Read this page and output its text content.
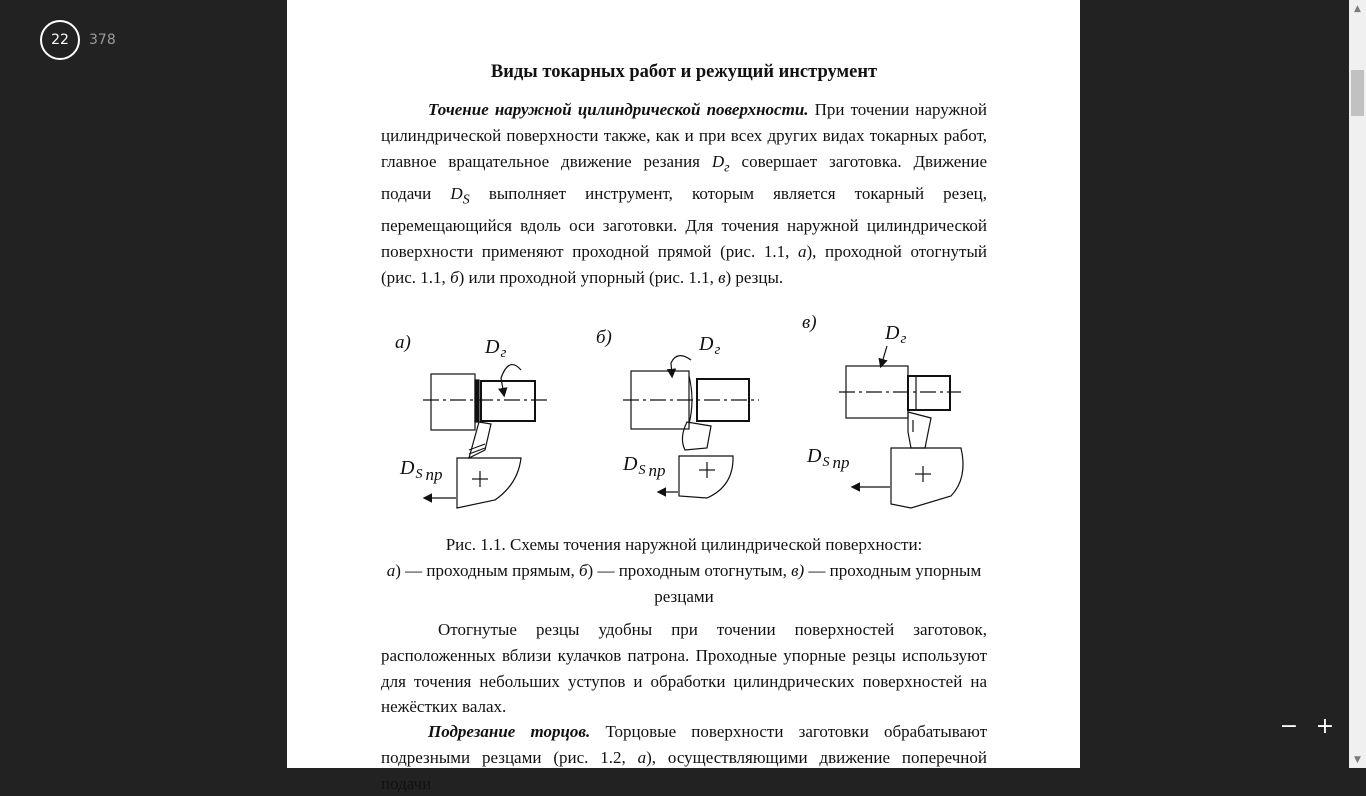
22	378
Виды токарных работ и режущий инструмент

Точение наружной цилиндрической поверхности. При точении наружной цилиндрической поверхности также, как и при всех других видах токарных работ, главное вращательное движение резания $D_г$ совершает заготовка. Движение подачи $D_S$ выполняет инструмент, которым является токарный резец, перемещающийся вдоль оси заготовки. Для точения наружной цилиндрической поверхности применяют проходной прямой (рис. 1.1, а), проходной отогнутый (рис. 1.1, б) или проходной упорный (рис. 1.1, в) резцы.

а)	$D_г$
$D_S$ пр
б)	$D_г$
$D_S$ пр
в)	$D_г$
$D_S$ пр

Рис. 1.1. Схемы точения наружной цилиндрической поверхности:
а) — проходным прямым, б) — проходным отогнутым, в) — проходным упорным резцами

Отогнутые резцы удобны при точении поверхностей заготовок, расположенных вблизи кулачков патрона. Проходные упорные резцы используют для точения небольших уступов и обработки цилиндрических поверхностей на нежёстких валах.

Подрезание торцов. Торцовые поверхности заготовки обрабатывают подрезными резцами (рис. 1.2, а), осуществляющими движение поперечной подачи

− +
▲
▼
